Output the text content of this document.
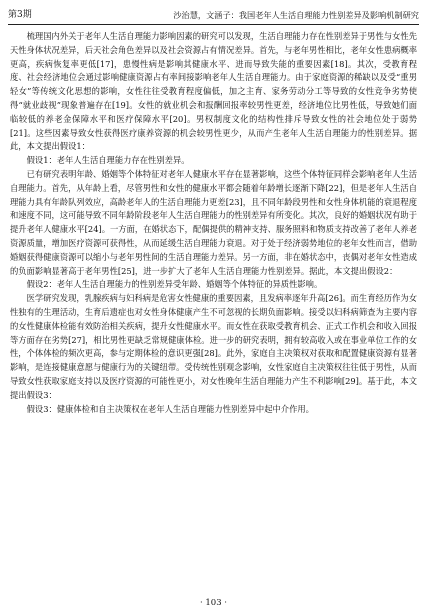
第3期	沙治慧，文涵子：我国老年人生活自理能力性别差异及影响机制研究

梳理国内外关于老年人生活自理能力影响因素的研究可以发现，生活自理能力存在性别差异于男性与女性先天性身体状况差异，后天社会角色差异以及社会资源占有情况差异。首先，与老年男性相比，老年女性患病概率更高，疾病恢复率更低[17]，患慢性病是影响其健康水平、进而导致失能的重要因素[18]。其次，受教育程度、社会经济地位会通过影响健康资源占有率间接影响老年人生活自理能力。由于家庭资源的稀缺以及受“重男轻女”等传统文化思想的影响，女性往往受教育程度偏低，加之主育、家务劳动分工等导致的女性竞争劣势使得“就业歧视”现象普遍存在[19]。女性的就业机会和报酬回报率较男性更差，经济地位比男性低，导致她们面临较低的养老金保障水平和医疗保障水平[20]。男权制度文化的结构性排斥导致女性的社会地位处于弱势[21]。这些因素导致女性获得医疗康养资源的机会较男性更少，从而产生老年人生活自理能力的性别差异。据此，本文提出假设1：

假设1：老年人生活自理能力存在性别差异。

已有研究表明年龄、婚姻等个体特征对老年人健康水平存在显著影响，这些个体特征同样会影响老年人生活自理能力。首先，从年龄上看，尽管男性和女性的健康水平都会随着年龄增长逐渐下降[22]，但是老年人生活自理能力具有年龄队列效应，高龄老年人的生活自理能力更差[23]，且不同年龄段男性和女性身体机能的衰退程度和速度不同，这可能导致不同年龄阶段老年人生活自理能力的性别差异有所变化。其次，良好的婚姻状况有助于提升老年人健康水平[24]。一方面，在婚状态下，配偶提供的精神支持、服务照料和物质支持改善了老年人养老资源质量，增加医疗资源可获得性，从而延缓生活自理能力衰退。对于处于经济弱势地位的老年女性而言，借助婚姻获得健康资源可以缩小与老年男性间的生活自理能力差异。另一方面，非在婚状态中，丧偶对老年女性造成的负面影响显著高于老年男性[25]，进一步扩大了老年人生活自理能力性别差异。据此，本文提出假设2：

假设2：老年人生活自理能力的性别差异受年龄、婚姻等个体特征的异质性影响。

医学研究发现，乳腺疾病与妇科病是危害女性健康的重要因素，且发病率逐年升高[26]。而生育经历作为女性独有的生理活动，生育后遗症也对女性身体健康产生不可忽视的长期负面影响。接受以妇科病筛查为主要内容的女性健康体检能有效防治相关疾病，提升女性健康水平。而女性在获取受教育机会、正式工作机会和收入回报等方面存在劣势[27]，相比男性更缺乏常规健康体检。进一步的研究表明，拥有较高收入或在事业单位工作的女性，个体体检的频次更高，参与定期体检的意识更强[28]。此外，家庭自主决策权对获取和配置健康资源有显著影响，是连接健康意愿与健康行为的关键纽带。受传统性别观念影响，女性家庭自主决策权往往低于男性，从而导致女性获取家庭支持以及医疗资源的可能性更小，对女性晚年生活自理能力产生不利影响[29]。基于此，本文提出假设3：

假设3：健康体检和自主决策权在老年人生活自理能力性别差异中起中介作用。

· 103 ·
